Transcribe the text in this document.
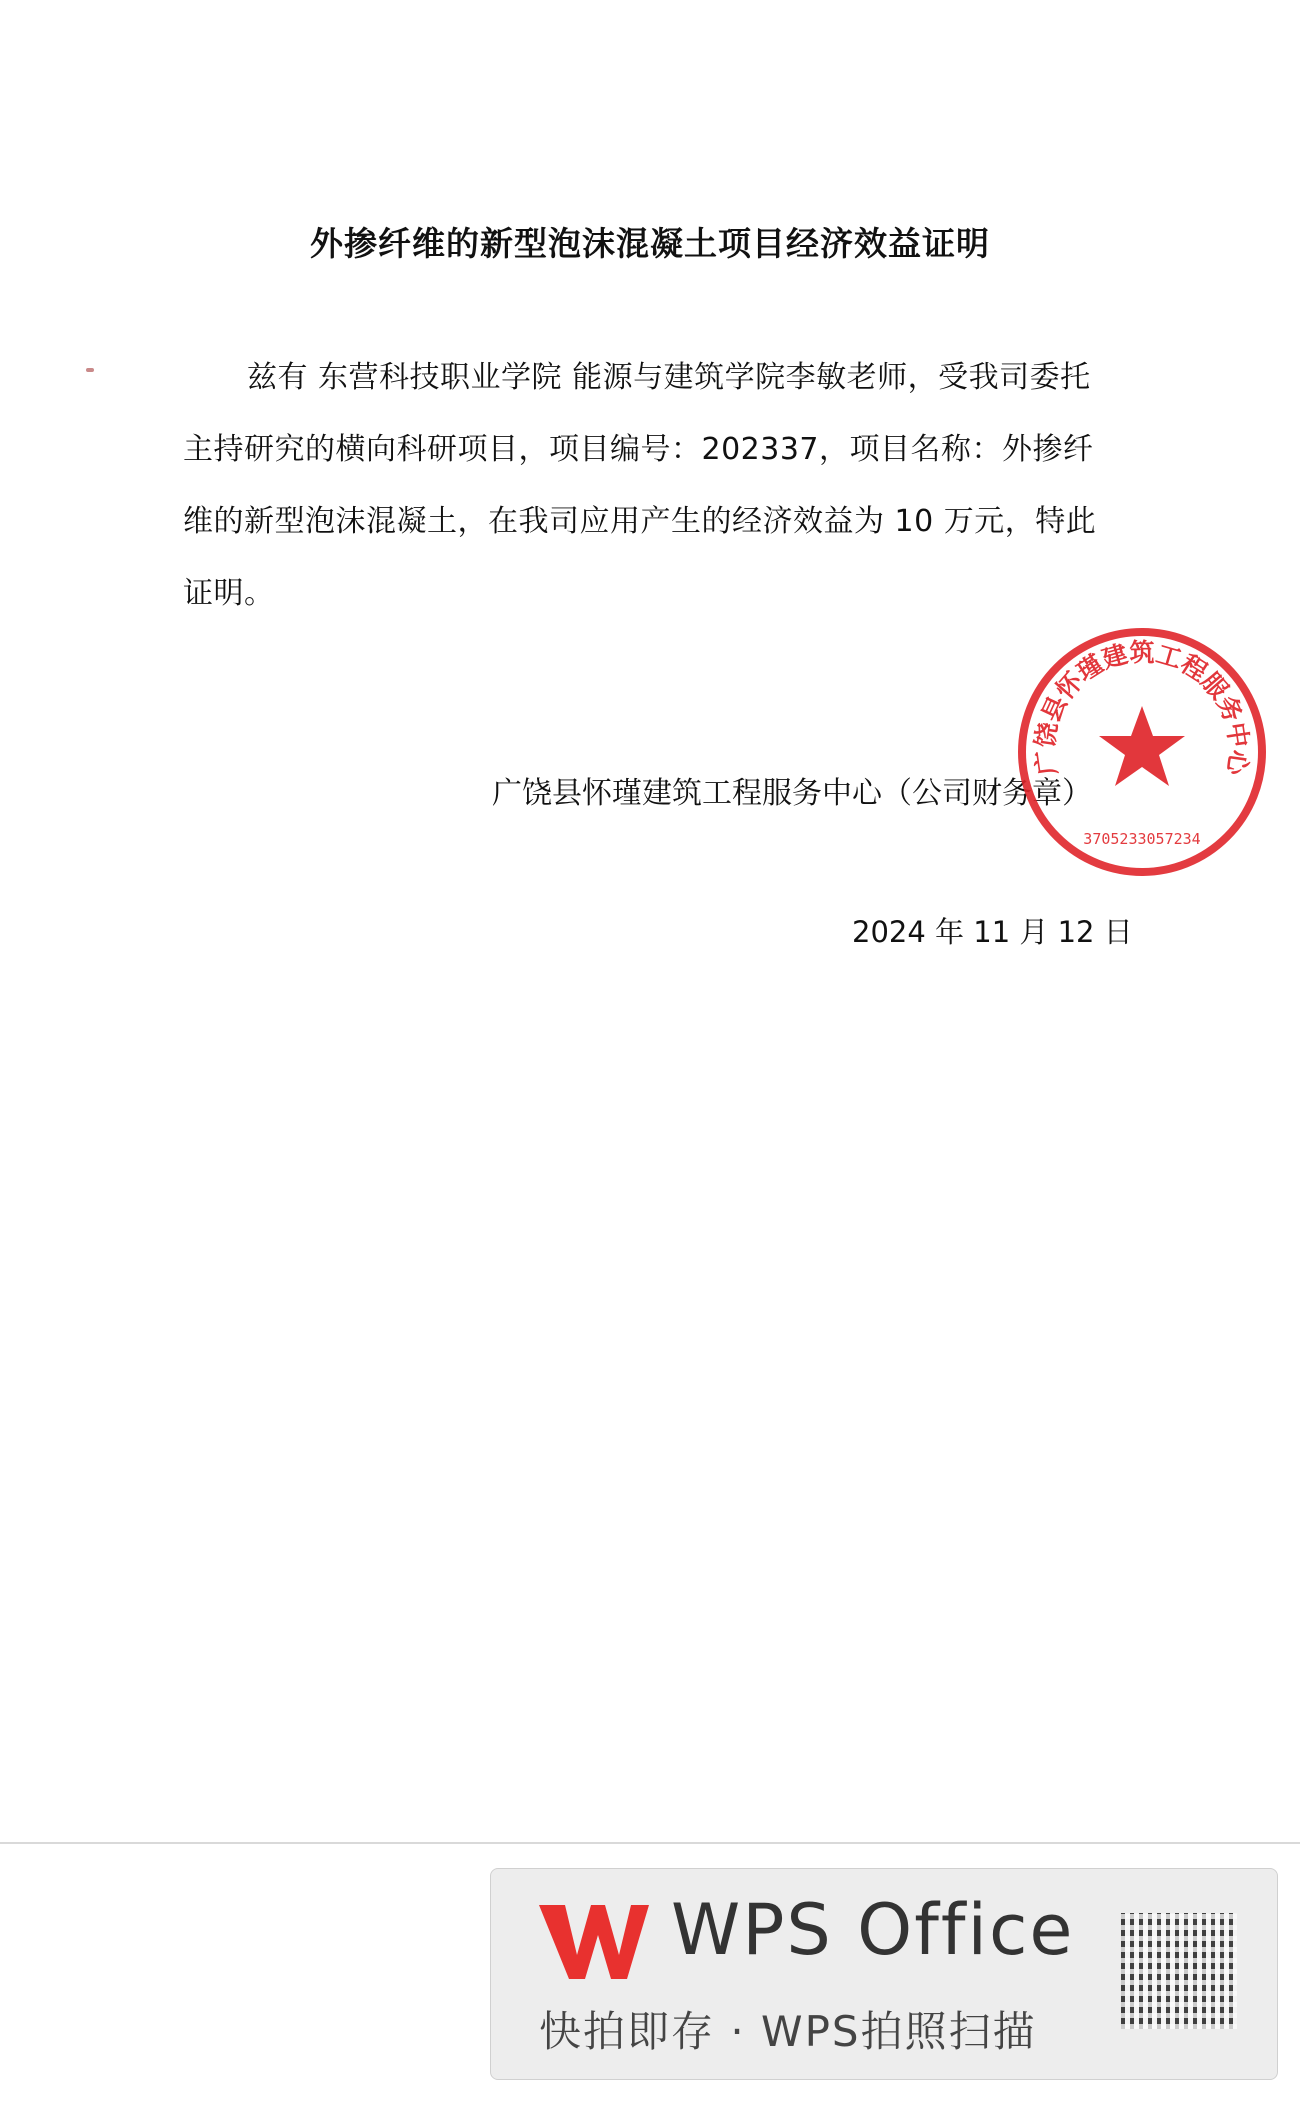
外掺纤维的新型泡沫混凝土项目经济效益证明

兹有 东营科技职业学院 能源与建筑学院李敏老师，受我司委托主持研究的横向科研项目，项目编号：202337，项目名称：外掺纤维的新型泡沫混凝土，在我司应用产生的经济效益为 10 万元，特此证明。

广饶县怀瑾建筑工程服务中心（公司财务章）
2024 年 11 月 12 日
广饶县怀瑾建筑工程服务中心
3705233057234
WPS Office
快拍即存 · WPS拍照扫描
